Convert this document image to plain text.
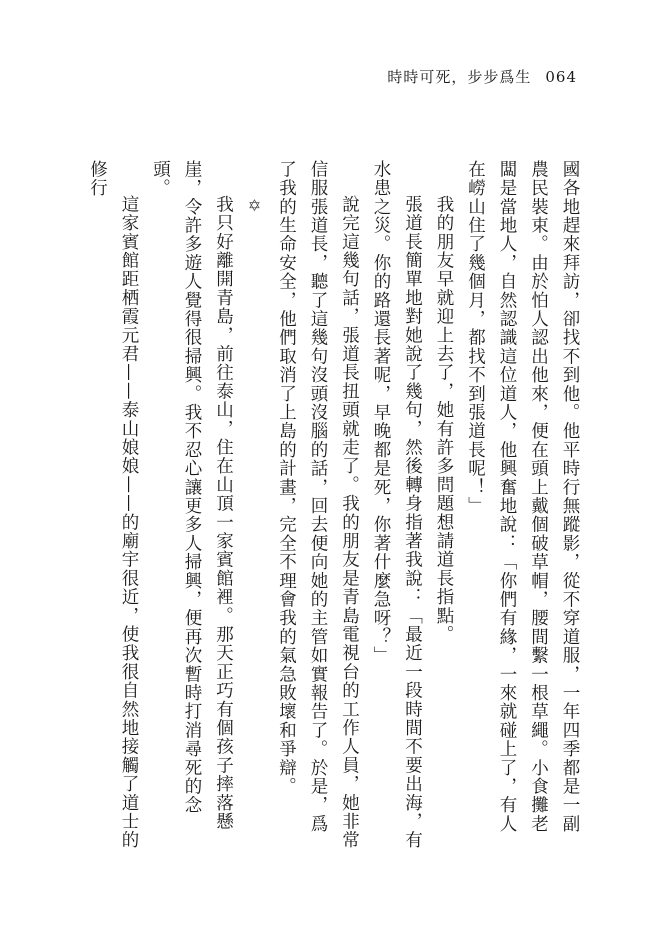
時時可死，步步爲生 064

國各地趕來拜訪，卻找不到他。他平時行無蹤影，從不穿道服，一年四季都是一副農民裝束。由於怕人認出他來，便在頭上戴個破草帽，腰間繫一根草繩。小食攤老闆是當地人，自然認識這位道人，他興奮地說：「你們有緣，一來就碰上了，有人在嶗山住了幾個月，都找不到張道長呢！」

我的朋友早就迎上去了，她有許多問題想請道長指點。

張道長簡單地對她說了幾句，然後轉身指著我說：「最近一段時間不要出海，有水患之災。你的路還長著呢，早晚都是死，你著什麼急呀？」

說完這幾句話，張道長扭頭就走了。我的朋友是青島電視台的工作人員，她非常信服張道長，聽了這幾句沒頭沒腦的話，回去便向她的主管如實報告了。於是，爲了我的生命安全，他們取消了上島的計畫，完全不理會我的氣急敗壞和爭辯。

✡

我只好離開青島，前往泰山，住在山頂一家賓館裡。那天正巧有個孩子摔落懸崖，令許多遊人覺得很掃興。我不忍心讓更多人掃興，便再次暫時打消尋死的念頭。

這家賓館距栖霞元君——泰山娘娘——的廟宇很近，使我很自然地接觸了道士的修行
